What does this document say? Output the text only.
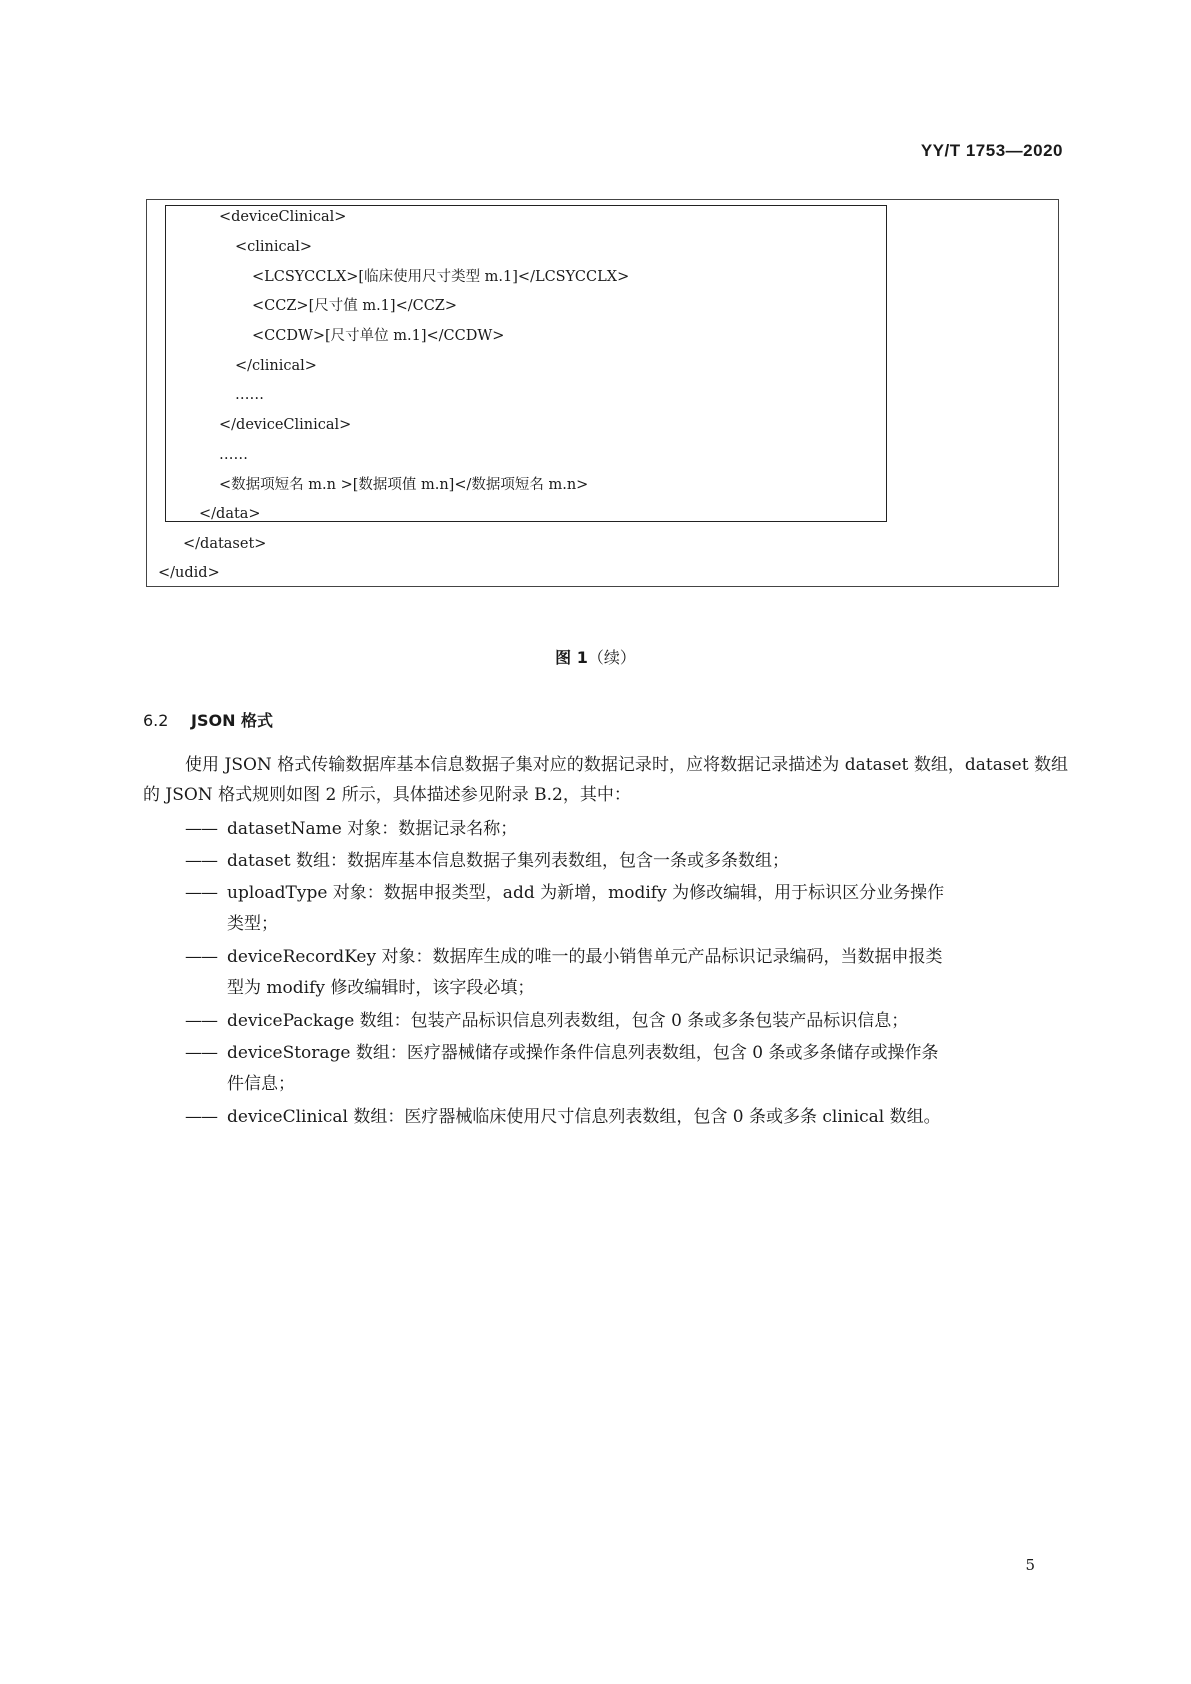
YY/T 1753—2020
<deviceClinical>
<clinical>
<LCSYCCLX>[临床使用尺寸类型 m.1]</LCSYCCLX>
<CCZ>[尺寸值 m.1]</CCZ>
<CCDW>[尺寸单位 m.1]</CCDW>
</clinical>
……
</deviceClinical>
……
<数据项短名 m.n >[数据项值 m.n]</数据项短名 m.n>
</data>
</dataset>
</udid>
图 1（续）
6.2 JSON 格式

使用 JSON 格式传输数据库基本信息数据子集对应的数据记录时，应将数据记录描述为 dataset 数组，dataset 数组的 JSON 格式规则如图 2 所示，具体描述参见附录 B.2，其中：

—— datasetName 对象：数据记录名称；
—— dataset 数组：数据库基本信息数据子集列表数组，包含一条或多条数组；
—— uploadType 对象：数据申报类型，add 为新增，modify 为修改编辑，用于标识区分业务操作
类型；
—— deviceRecordKey 对象：数据库生成的唯一的最小销售单元产品标识记录编码，当数据申报类
型为 modify 修改编辑时，该字段必填；
—— devicePackage 数组：包装产品标识信息列表数组，包含 0 条或多条包装产品标识信息；
—— deviceStorage 数组：医疗器械储存或操作条件信息列表数组，包含 0 条或多条储存或操作条
件信息；
—— deviceClinical 数组：医疗器械临床使用尺寸信息列表数组，包含 0 条或多条 clinical 数组。
5
